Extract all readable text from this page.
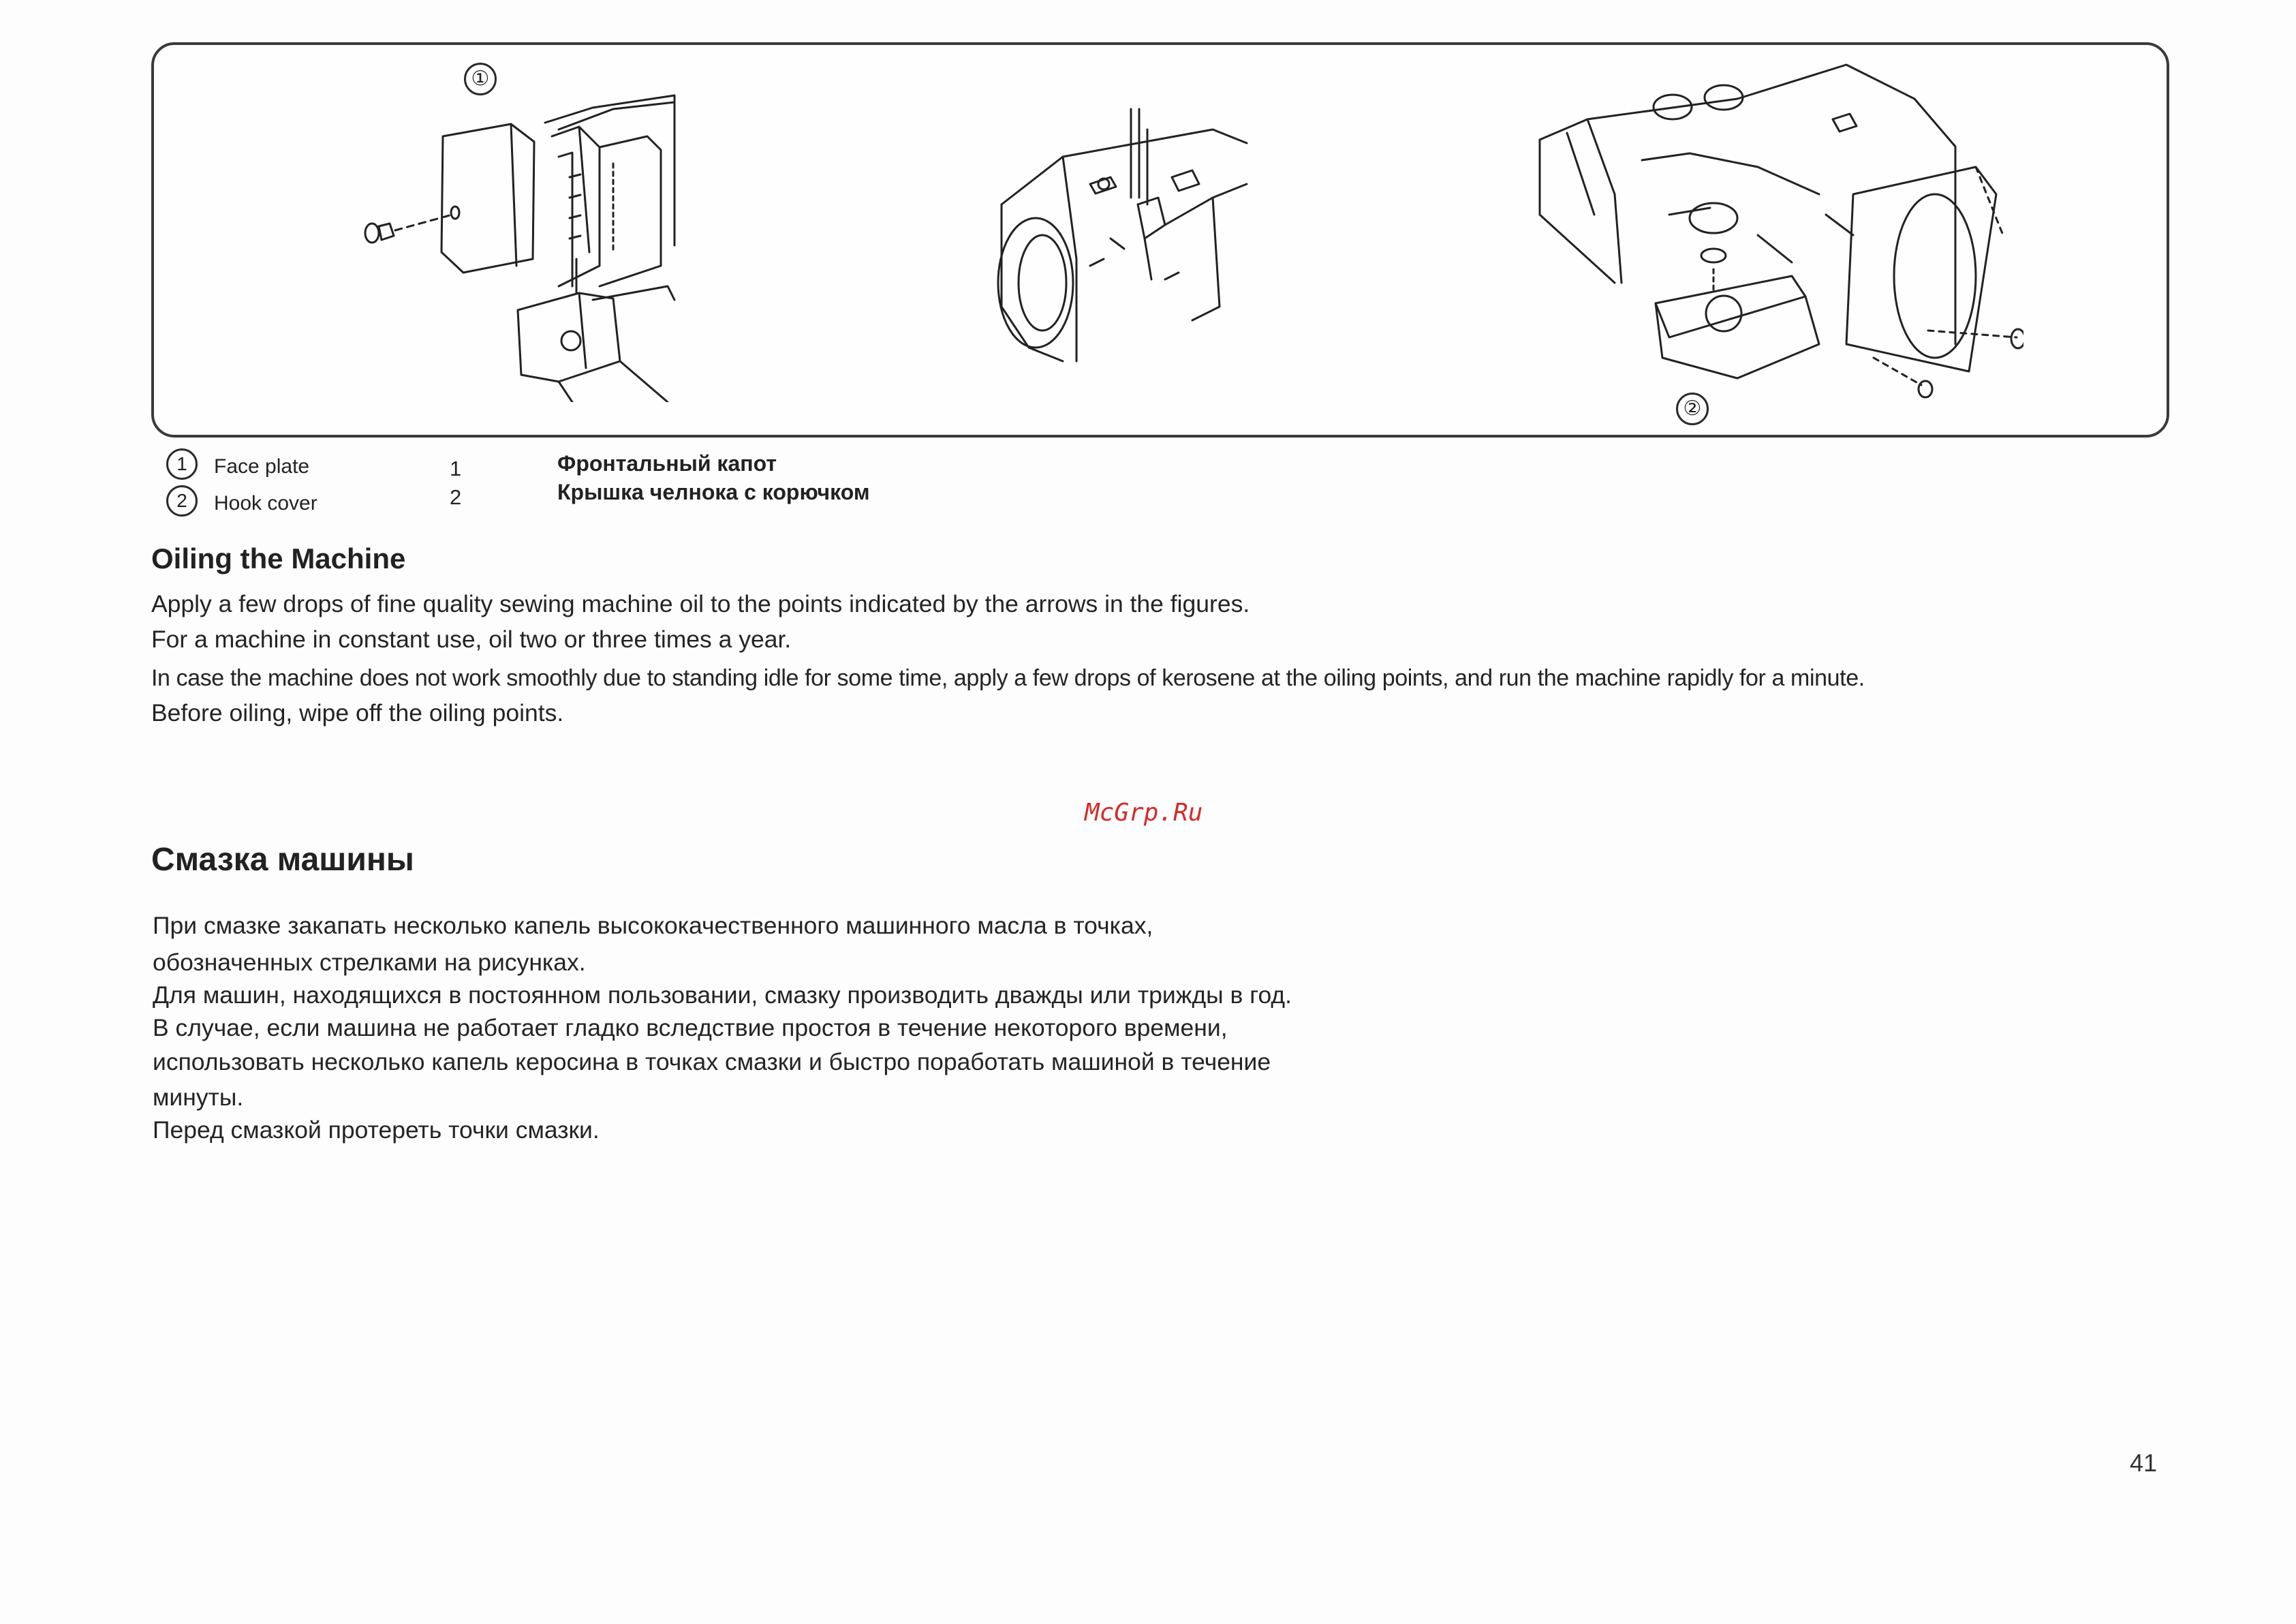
①
②
1	Face plate	1	Фронтальный капот
2	Hook cover	2	Крышка челнока с корючком
Oiling the Machine
Apply a few drops of fine quality sewing machine oil to the points indicated by the arrows in the figures.
For a machine in constant use, oil two or three times a year.
In case the machine does not work smoothly due to standing idle for some time, apply a few drops of kerosene at the oiling points, and run the machine rapidly for a minute.
Before oiling, wipe off the oiling points.
McGrp.Ru
Смазка машины
При смазке закапать несколько капель высококачественного машинного масла в точках,
обозначенных стрелками на рисунках.
Для машин, находящихся в постоянном пользовании, смазку производить дважды или трижды в год.
В случае, если машина не работает гладко вследствие простоя в течение некоторого времени,
использовать несколько капель керосина в точках смазки и быстро поработать машиной в течение
минуты.
Перед смазкой протереть точки смазки.
41
